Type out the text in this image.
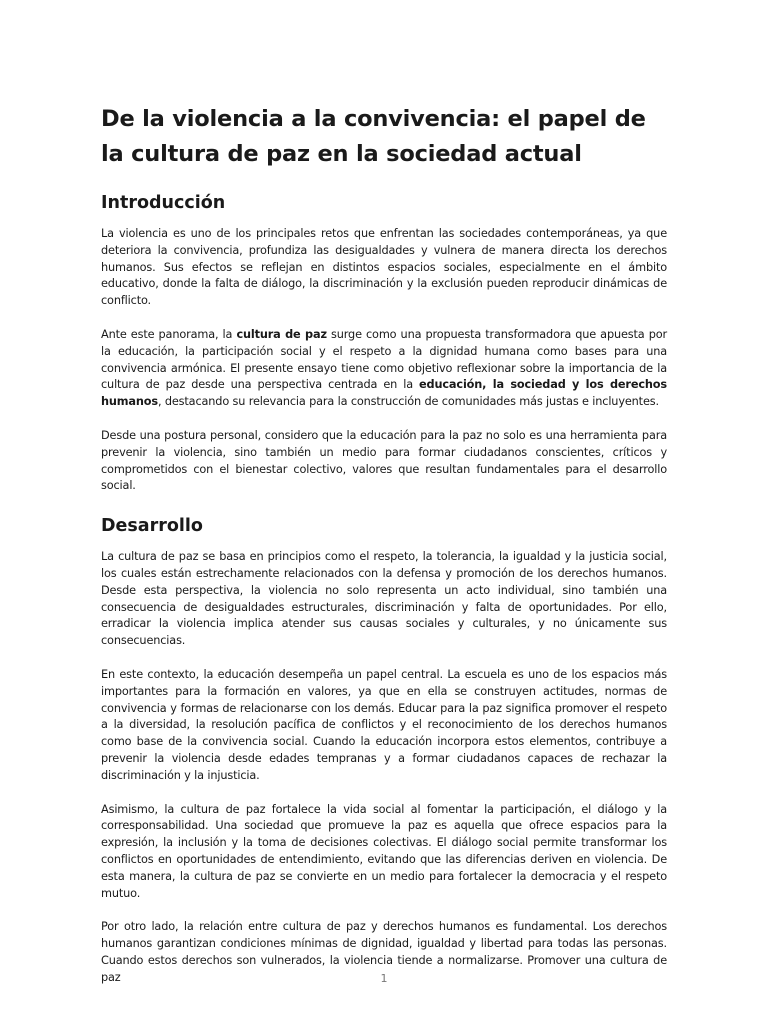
De la violencia a la convivencia: el papel de la cultura de paz en la sociedad actual
Introducción

La violencia es uno de los principales retos que enfrentan las sociedades contemporáneas, ya que deteriora la convivencia, profundiza las desigualdades y vulnera de manera directa los derechos humanos. Sus efectos se reflejan en distintos espacios sociales, especialmente en el ámbito educativo, donde la falta de diálogo, la discriminación y la exclusión pueden reproducir dinámicas de conflicto.

Ante este panorama, la cultura de paz surge como una propuesta transformadora que apuesta por la educación, la participación social y el respeto a la dignidad humana como bases para una convivencia armónica. El presente ensayo tiene como objetivo reflexionar sobre la importancia de la cultura de paz desde una perspectiva centrada en la educación, la sociedad y los derechos humanos, destacando su relevancia para la construcción de comunidades más justas e incluyentes.

Desde una postura personal, considero que la educación para la paz no solo es una herramienta para prevenir la violencia, sino también un medio para formar ciudadanos conscientes, críticos y comprometidos con el bienestar colectivo, valores que resultan fundamentales para el desarrollo social.

Desarrollo

La cultura de paz se basa en principios como el respeto, la tolerancia, la igualdad y la justicia social, los cuales están estrechamente relacionados con la defensa y promoción de los derechos humanos. Desde esta perspectiva, la violencia no solo representa un acto individual, sino también una consecuencia de desigualdades estructurales, discriminación y falta de oportunidades. Por ello, erradicar la violencia implica atender sus causas sociales y culturales, y no únicamente sus consecuencias.

En este contexto, la educación desempeña un papel central. La escuela es uno de los espacios más importantes para la formación en valores, ya que en ella se construyen actitudes, normas de convivencia y formas de relacionarse con los demás. Educar para la paz significa promover el respeto a la diversidad, la resolución pacífica de conflictos y el reconocimiento de los derechos humanos como base de la convivencia social. Cuando la educación incorpora estos elementos, contribuye a prevenir la violencia desde edades tempranas y a formar ciudadanos capaces de rechazar la discriminación y la injusticia.

Asimismo, la cultura de paz fortalece la vida social al fomentar la participación, el diálogo y la corresponsabilidad. Una sociedad que promueve la paz es aquella que ofrece espacios para la expresión, la inclusión y la toma de decisiones colectivas. El diálogo social permite transformar los conflictos en oportunidades de entendimiento, evitando que las diferencias deriven en violencia. De esta manera, la cultura de paz se convierte en un medio para fortalecer la democracia y el respeto mutuo.

Por otro lado, la relación entre cultura de paz y derechos humanos es fundamental. Los derechos humanos garantizan condiciones mínimas de dignidad, igualdad y libertad para todas las personas. Cuando estos derechos son vulnerados, la violencia tiende a normalizarse. Promover una cultura de paz	1
